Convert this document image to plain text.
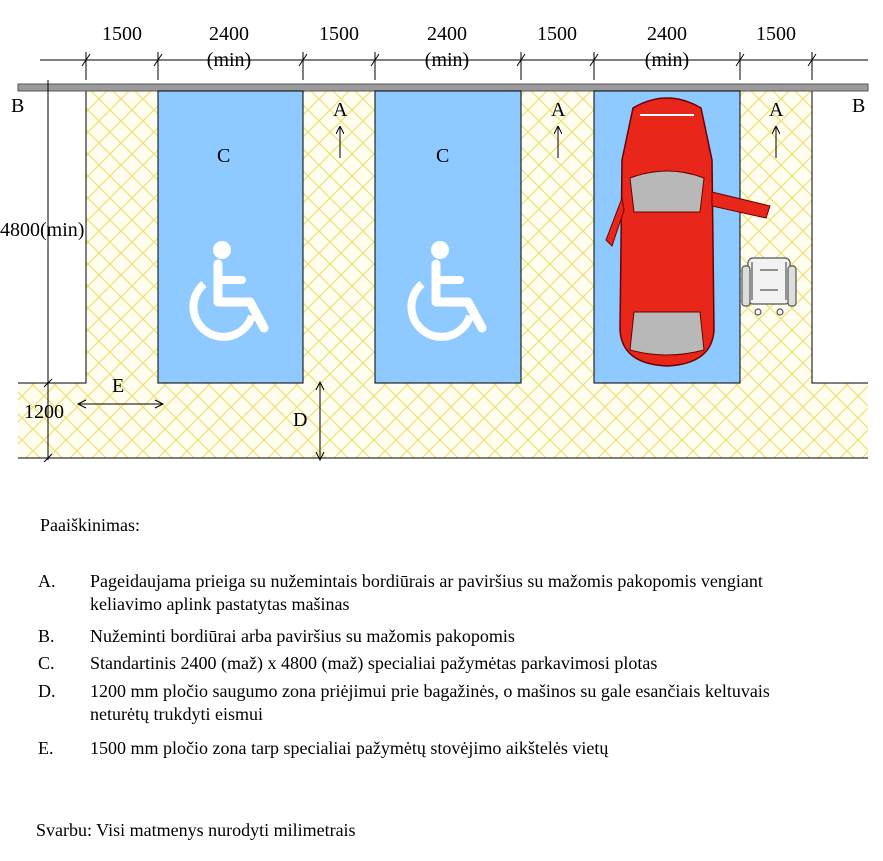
1500	2400
(min)
1500	2400
(min)
1500	2400
(min)
1500
4800(min)
1200
B	B
A	A	A
C	C
E
D
Paaiškinimas:
A.	Pageidaujama prieiga su nužemintais bordiūrais ar paviršius su mažomis pakopomis vengiant keliavimo aplink pastatytas mašinas
B.	Nužeminti bordiūrai arba paviršius su mažomis pakopomis
C.	Standartinis 2400 (maž) x 4800 (maž) specialiai pažymėtas parkavimosi plotas
D.	1200 mm pločio saugumo zona priėjimui prie bagažinės, o mašinos su gale esančiais keltuvais neturėtų trukdyti eismui
E.	1500 mm pločio zona tarp specialiai pažymėtų stovėjimo aikštelės vietų
Svarbu: Visi matmenys nurodyti milimetrais
